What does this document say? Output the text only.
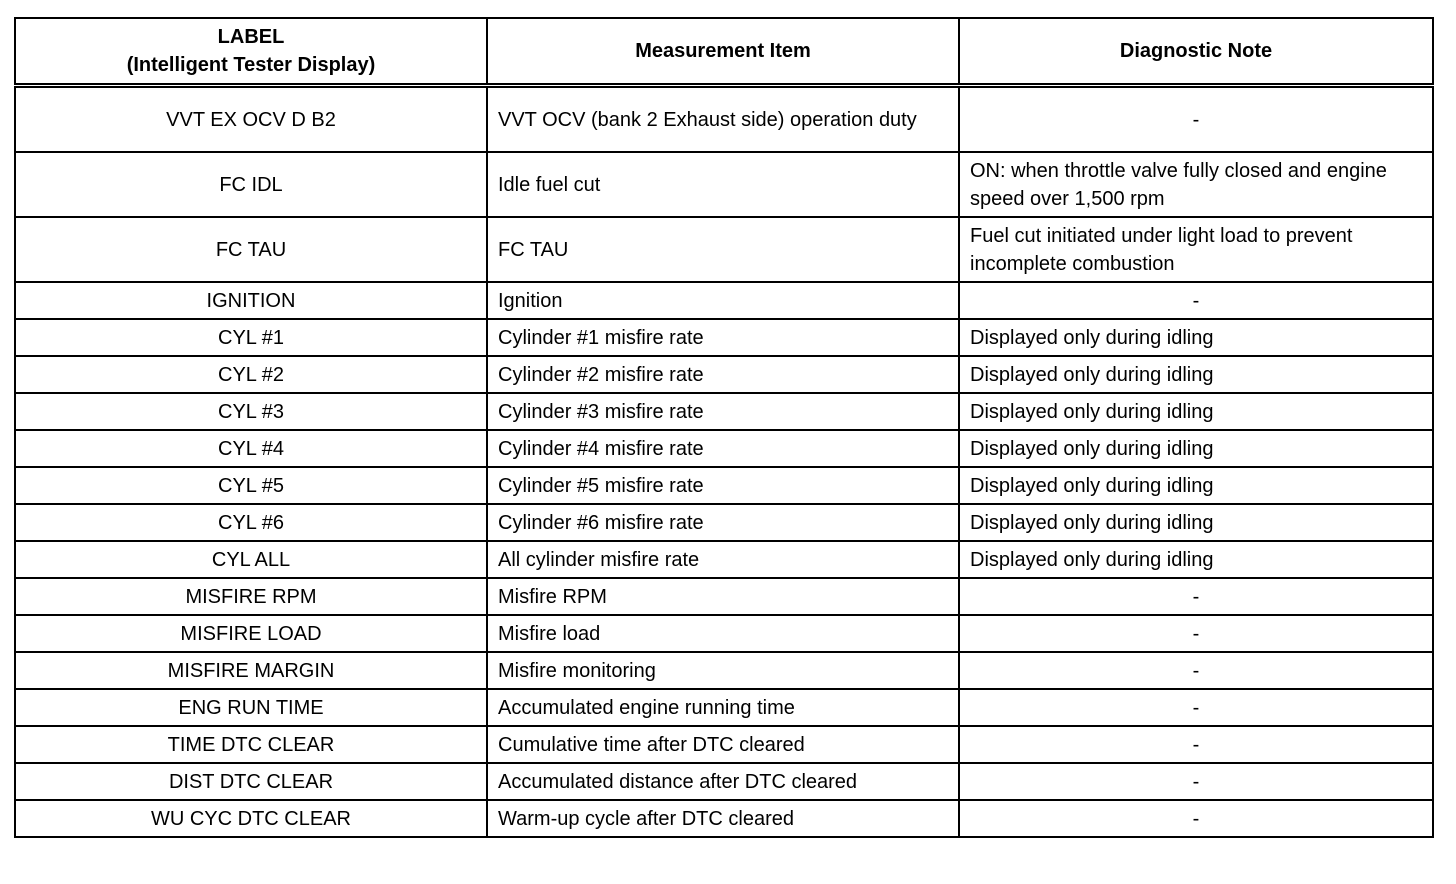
LABEL
(Intelligent Tester Display)	Measurement Item	Diagnostic Note
VVT EX OCV D B2	VVT OCV (bank 2 Exhaust side) operation duty	-
FC IDL	Idle fuel cut	ON: when throttle valve fully closed and engine speed over 1,500 rpm
FC TAU	FC TAU	Fuel cut initiated under light load to prevent incomplete combustion
IGNITION	Ignition	-
CYL #1	Cylinder #1 misfire rate	Displayed only during idling
CYL #2	Cylinder #2 misfire rate	Displayed only during idling
CYL #3	Cylinder #3 misfire rate	Displayed only during idling
CYL #4	Cylinder #4 misfire rate	Displayed only during idling
CYL #5	Cylinder #5 misfire rate	Displayed only during idling
CYL #6	Cylinder #6 misfire rate	Displayed only during idling
CYL ALL	All cylinder misfire rate	Displayed only during idling
MISFIRE RPM	Misfire RPM	-
MISFIRE LOAD	Misfire load	-
MISFIRE MARGIN	Misfire monitoring	-
ENG RUN TIME	Accumulated engine running time	-
TIME DTC CLEAR	Cumulative time after DTC cleared	-
DIST DTC CLEAR	Accumulated distance after DTC cleared	-
WU CYC DTC CLEAR	Warm-up cycle after DTC cleared	-
